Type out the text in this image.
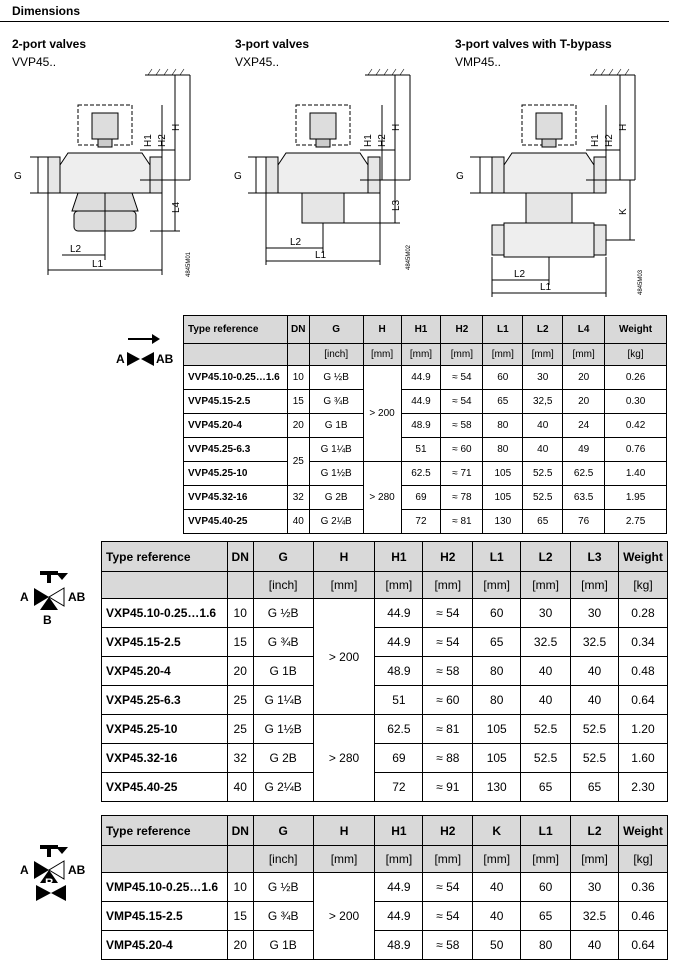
Dimensions
2-port valves
VVP45..
3-port valves
VXP45..
3-port valves with T-bypass
VMP45..
G
H1 H2
H
L4
L2
L1	4845M01
G
H1 H2
H
L3
L2
L1	4845M02
G
H1 H2
H
K
L2
L1	4845M03
A	AB
A	AB
B
A	AB
B
Type reference	DN	G	H	H1	H2	L1	L2	L4	Weight
		[inch]	[mm]	[mm]	[mm]	[mm]	[mm]	[mm]	[kg]
VVP45.10-0.25…1.6	10	G ½B	> 200	44.9	≈ 54	60	30	20	0.26
VVP45.15-2.5	15	G ¾B		44.9	≈ 54	65	32,5	20	0.30
VVP45.20-4	20	G 1B		48.9	≈ 58	80	40	24	0.42
VVP45.25-6.3	25	G 1¼B		51	≈ 60	80	40	49	0.76
VVP45.25-10		G 1½B	> 280	62.5	≈ 71	105	52.5	62.5	1.40
VVP45.32-16	32	G 2B		69	≈ 78	105	52.5	63.5	1.95
VVP45.40-25	40	G 2¼B		72	≈ 81	130	65	76	2.75
Type reference	DN	G	H	H1	H2	L1	L2	L3	Weight
		[inch]	[mm]	[mm]	[mm]	[mm]	[mm]	[mm]	[kg]
VXP45.10-0.25…1.6	10	G ½B	> 200	44.9	≈ 54	60	30	30	0.28
VXP45.15-2.5	15	G ¾B		44.9	≈ 54	65	32.5	32.5	0.34
VXP45.20-4	20	G 1B		48.9	≈ 58	80	40	40	0.48
VXP45.25-6.3	25	G 1¼B		51	≈ 60	80	40	40	0.64
VXP45.25-10	25	G 1½B	> 280	62.5	≈ 81	105	52.5	52.5	1.20
VXP45.32-16	32	G 2B		69	≈ 88	105	52.5	52.5	1.60
VXP45.40-25	40	G 2¼B		72	≈ 91	130	65	65	2.30
Type reference	DN	G	H	H1	H2	K	L1	L2	Weight
		[inch]	[mm]	[mm]	[mm]	[mm]	[mm]	[mm]	[kg]
VMP45.10-0.25…1.6	10	G ½B	> 200	44.9	≈ 54	40	60	30	0.36
VMP45.15-2.5	15	G ¾B		44.9	≈ 54	40	65	32.5	0.46
VMP45.20-4	20	G 1B		48.9	≈ 58	50	80	40	0.64
